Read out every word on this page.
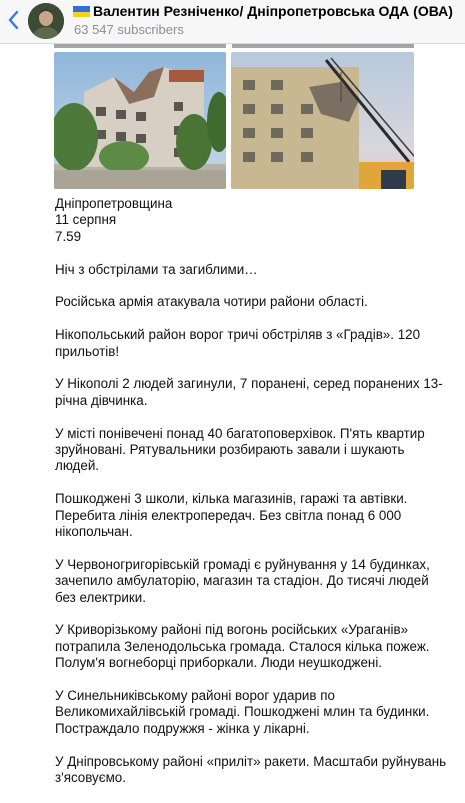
Валентин Резніченко/ Дніпропетровська ОДА (ОВА)
63 547 subscribers

Дніпропетровщина

11 серпня

7.59

Ніч з обстрілами та загиблими…

Російська армія атакувала чотири райони області.

Нікопольський район ворог тричі обстріляв з «Градів». 120 прильотів!

У Нікополі 2 людей загинули, 7 поранені, серед поранених 13-річна дівчинка.

У місті понівечені понад 40 багатоповерхівок. П'ять квартир зруйновані. Рятувальники розбирають завали і шукають людей.

Пошкоджені 3 школи, кілька магазинів, гаражі та автівки. Перебита лінія електропередач. Без світла понад 6 000 нікопольчан.

У Червоногригорівській громаді є руйнування у 14 будинках, зачепило амбулаторію, магазин та стадіон. До тисячі людей без електрики.

У Криворізькому районі під вогонь російських «Ураганів» потрапила Зеленодольська громада. Сталося кілька пожеж. Полум'я вогнеборці приборкали. Люди неушкоджені.

У Синельниківському районі ворог ударив по Великомихайлівській громаді. Пошкоджені млин та будинки. Постраждало подружжя - жінка у лікарні.

У Дніпровському районі «приліт» ракети. Масштаби руйнувань з'ясовуємо.
